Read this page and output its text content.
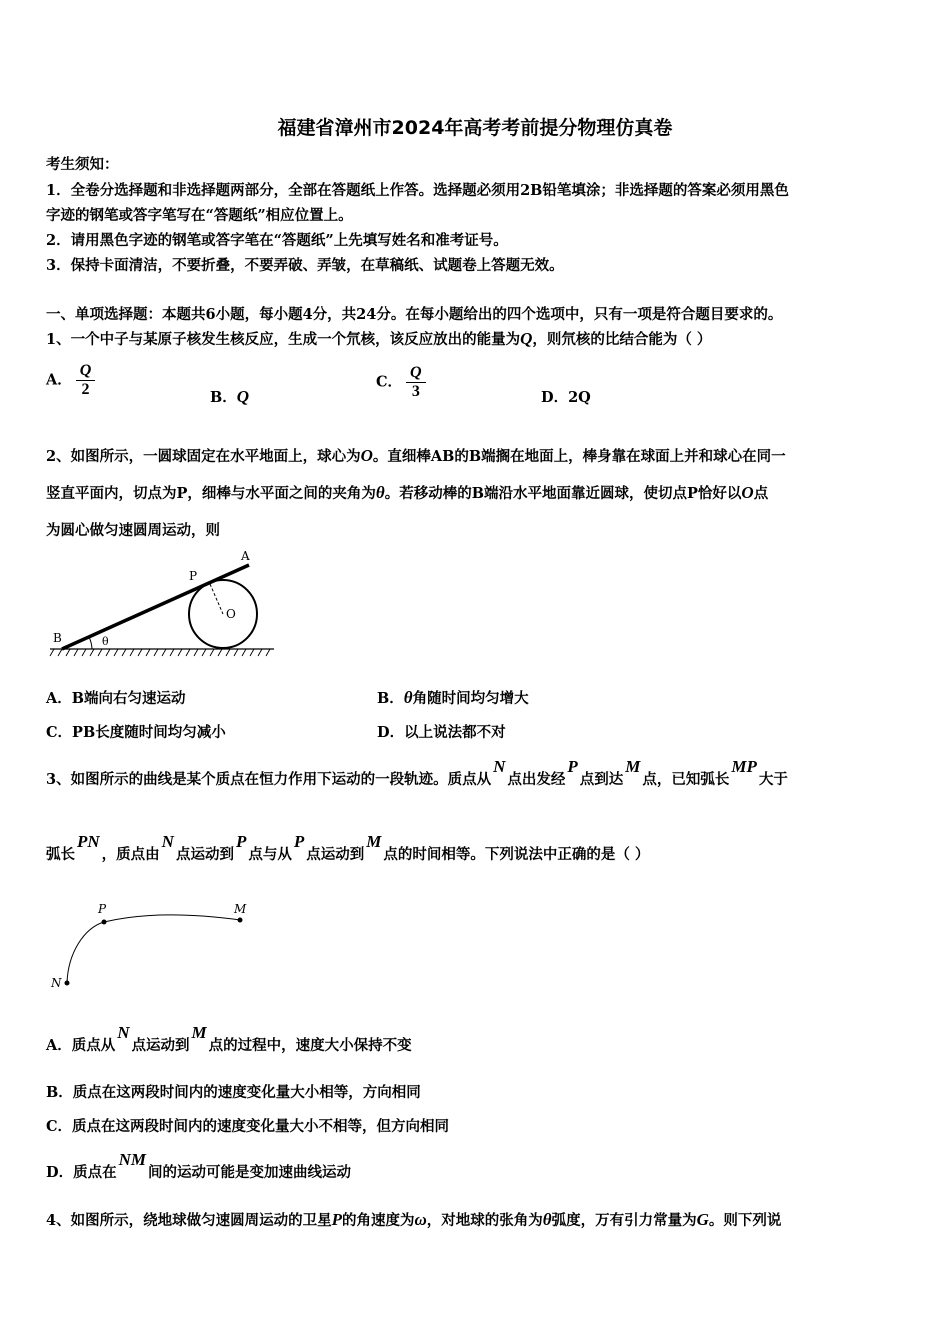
福建省漳州市2024年高考考前提分物理仿真卷
考生须知：
1．全卷分选择题和非选择题两部分，全部在答题纸上作答。选择题必须用2B铅笔填涂；非选择题的答案必须用黑色
字迹的钢笔或答字笔写在“答题纸”相应位置上。
2．请用黑色字迹的钢笔或答字笔在“答题纸”上先填写姓名和准考证号。
3．保持卡面清洁，不要折叠，不要弄破、弄皱，在草稿纸、试题卷上答题无效。
一、单项选择题：本题共6小题，每小题4分，共24分。在每小题给出的四个选项中，只有一项是符合题目要求的。
1、一个中子与某原子核发生核反应，生成一个氘核，该反应放出的能量为Q，则氘核的比结合能为（ ）
A． $\frac{Q}{2}$	B．Q
C． $\frac{Q}{3}$	D．2Q
2、如图所示，一圆球固定在水平地面上，球心为O。直细棒AB的B端搁在地面上，棒身靠在球面上并和球心在同一
竖直平面内，切点为P，细棒与水平面之间的夹角为θ。若移动棒的B端沿水平地面靠近圆球，使切点P恰好以O点
为圆心做匀速圆周运动，则
A
P
O
B	θ
A．B端向右匀速运动	B．θ角随时间均匀增大
C．PB长度随时间均匀减小	D．以上说法都不对
3、如图所示的曲线是某个质点在恒力作用下运动的一段轨迹。质点从N点出发经P点到达M点，已知弧长MP大于
弧长PN，质点由N点运动到P点与从P点运动到M点的时间相等。下列说法中正确的是（ ）
P	M
N
A．质点从N点运动到M点的过程中，速度大小保持不变
B．质点在这两段时间内的速度变化量大小相等，方向相同
C．质点在这两段时间内的速度变化量大小不相等，但方向相同
D．质点在NM间的运动可能是变加速曲线运动
4、如图所示，绕地球做匀速圆周运动的卫星P的角速度为ω，对地球的张角为θ弧度，万有引力常量为G。则下列说
